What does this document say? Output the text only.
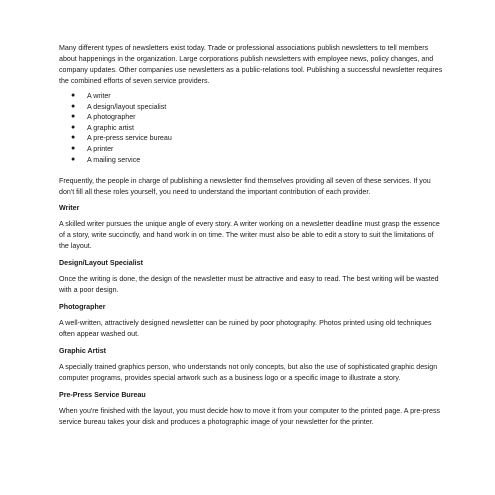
Many different types of newsletters exist today. Trade or professional associations publish newsletters to tell members about happenings in the organization. Large corporations publish newsletters with employee news, policy changes, and company updates. Other companies use newsletters as a public-relations tool. Publishing a successful newsletter requires the combined efforts of seven service providers.

● A writer
● A design/layout specialist
● A photographer
● A graphic artist
● A pre-press service bureau
● A printer
● A mailing service

Frequently, the people in charge of publishing a newsletter find themselves providing all seven of these services. If you don't fill all these roles yourself, you need to understand the important contribution of each provider.

Writer

A skilled writer pursues the unique angle of every story. A writer working on a newsletter deadline must grasp the essence of a story, write succinctly, and hand work in on time. The writer must also be able to edit a story to suit the limitations of the layout.

Design/Layout Specialist

Once the writing is done, the design of the newsletter must be attractive and easy to read. The best writing will be wasted with a poor design.

Photographer

A well-written, attractively designed newsletter can be ruined by poor photography. Photos printed using old techniques often appear washed out.

Graphic Artist

A specially trained graphics person, who understands not only concepts, but also the use of sophisticated graphic design computer programs, provides special artwork such as a business logo or a specific image to illustrate a story.

Pre-Press Service Bureau

When you're finished with the layout, you must decide how to move it from your computer to the printed page. A pre-press service bureau takes your disk and produces a photographic image of your newsletter for the printer.
